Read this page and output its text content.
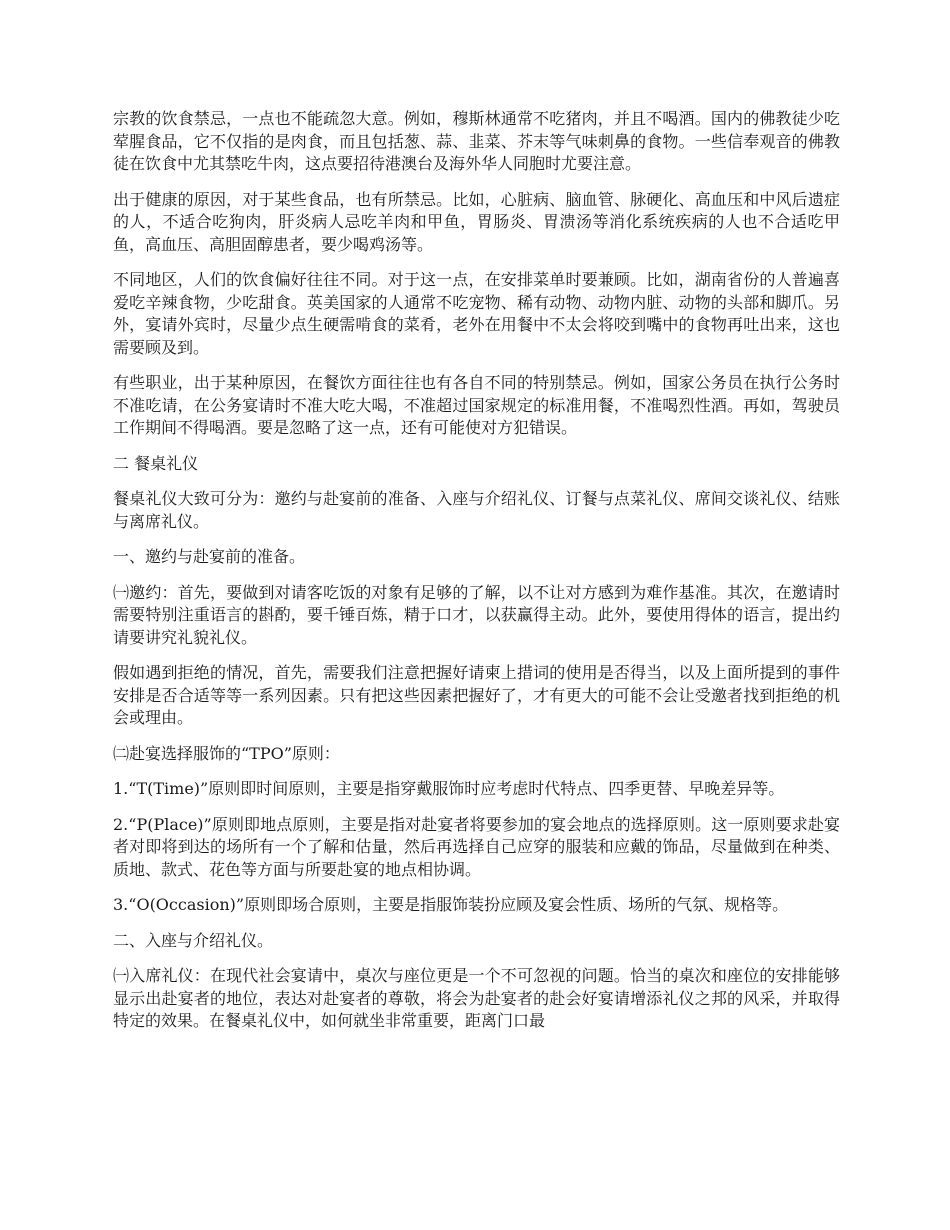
宗教的饮食禁忌，一点也不能疏忽大意。例如，穆斯林通常不吃猪肉，并且不喝酒。国内的佛教徒少吃荤腥食品，它不仅指的是肉食，而且包括葱、蒜、韭菜、芥末等气味刺鼻的食物。一些信奉观音的佛教徒在饮食中尤其禁吃牛肉，这点要招待港澳台及海外华人同胞时尤要注意。

出于健康的原因，对于某些食品，也有所禁忌。比如，心脏病、脑血管、脉硬化、高血压和中风后遗症的人，不适合吃狗肉，肝炎病人忌吃羊肉和甲鱼，胃肠炎、胃溃汤等消化系统疾病的人也不合适吃甲鱼，高血压、高胆固醇患者，要少喝鸡汤等。

不同地区，人们的饮食偏好往往不同。对于这一点，在安排菜单时要兼顾。比如，湖南省份的人普遍喜爱吃辛辣食物，少吃甜食。英美国家的人通常不吃宠物、稀有动物、动物内脏、动物的头部和脚爪。另外，宴请外宾时，尽量少点生硬需啃食的菜肴，老外在用餐中不太会将咬到嘴中的食物再吐出来，这也需要顾及到。

有些职业，出于某种原因，在餐饮方面往往也有各自不同的特别禁忌。例如，国家公务员在执行公务时不准吃请，在公务宴请时不准大吃大喝，不准超过国家规定的标准用餐，不准喝烈性酒。再如，驾驶员工作期间不得喝酒。要是忽略了这一点，还有可能使对方犯错误。

二 餐桌礼仪

餐桌礼仪大致可分为：邀约与赴宴前的准备、入座与介绍礼仪、订餐与点菜礼仪、席间交谈礼仪、结账与离席礼仪。

一、邀约与赴宴前的准备。

㈠邀约：首先，要做到对请客吃饭的对象有足够的了解，以不让对方感到为难作基准。其次，在邀请时需要特别注重语言的斟酌，要千锤百炼，精于口才，以获赢得主动。此外，要使用得体的语言，提出约请要讲究礼貌礼仪。

假如遇到拒绝的情况，首先，需要我们注意把握好请柬上措词的使用是否得当，以及上面所提到的事件安排是否合适等等一系列因素。只有把这些因素把握好了，才有更大的可能不会让受邀者找到拒绝的机会或理由。

㈡赴宴选择服饰的“TPO”原则：

1.“T(Time)”原则即时间原则，主要是指穿戴服饰时应考虑时代特点、四季更替、早晚差异等。

2.“P(Place)”原则即地点原则，主要是指对赴宴者将要参加的宴会地点的选择原则。这一原则要求赴宴者对即将到达的场所有一个了解和估量，然后再选择自己应穿的服装和应戴的饰品，尽量做到在种类、质地、款式、花色等方面与所要赴宴的地点相协调。

3.“O(Occasion)”原则即场合原则，主要是指服饰装扮应顾及宴会性质、场所的气氛、规格等。

二、入座与介绍礼仪。

㈠入席礼仪：在现代社会宴请中，桌次与座位更是一个不可忽视的问题。恰当的桌次和座位的安排能够显示出赴宴者的地位，表达对赴宴者的尊敬，将会为赴宴者的赴会好宴请增添礼仪之邦的风采，并取得特定的效果。在餐桌礼仪中，如何就坐非常重要，距离门口最
